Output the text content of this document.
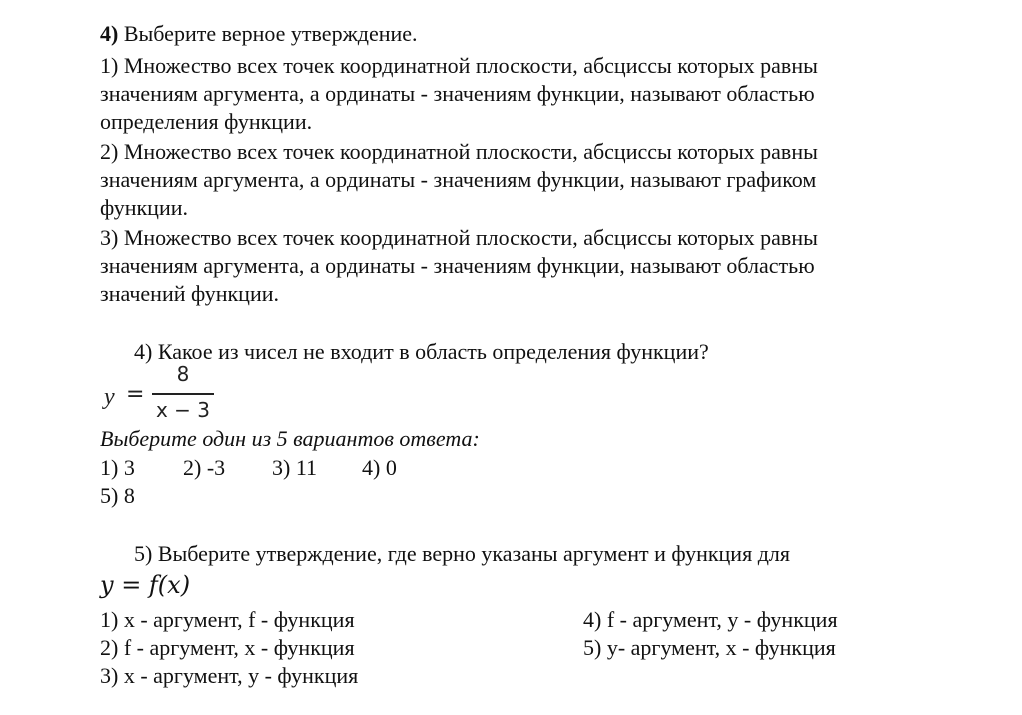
4) Выберите верное утверждение.
1) Множество всех точек координатной плоскости, абсциссы которых равны
значениям аргумента, а ординаты - значениям функции, называют областью
определения функции.
2) Множество всех точек координатной плоскости, абсциссы которых равны
значениям аргумента, а ординаты - значениям функции, называют графиком
функции.
3) Множество всех точек координатной плоскости, абсциссы которых равны
значениям аргумента, а ординаты - значениям функции, называют областью
значений функции.
4) Какое из чисел не входит в область определения функции?
y =
8
x − 3
Выберите один из 5 вариантов ответа:
1) 3 2) -3 3) 11 4) 0
5) 8
5) Выберите утверждение, где верно указаны аргумент и функция для
y = f(x)
1) x - аргумент, f - функция
2) f - аргумент, x - функция
3) x - аргумент, y - функция
4) f - аргумент, y - функция
5) y- аргумент, x - функция
